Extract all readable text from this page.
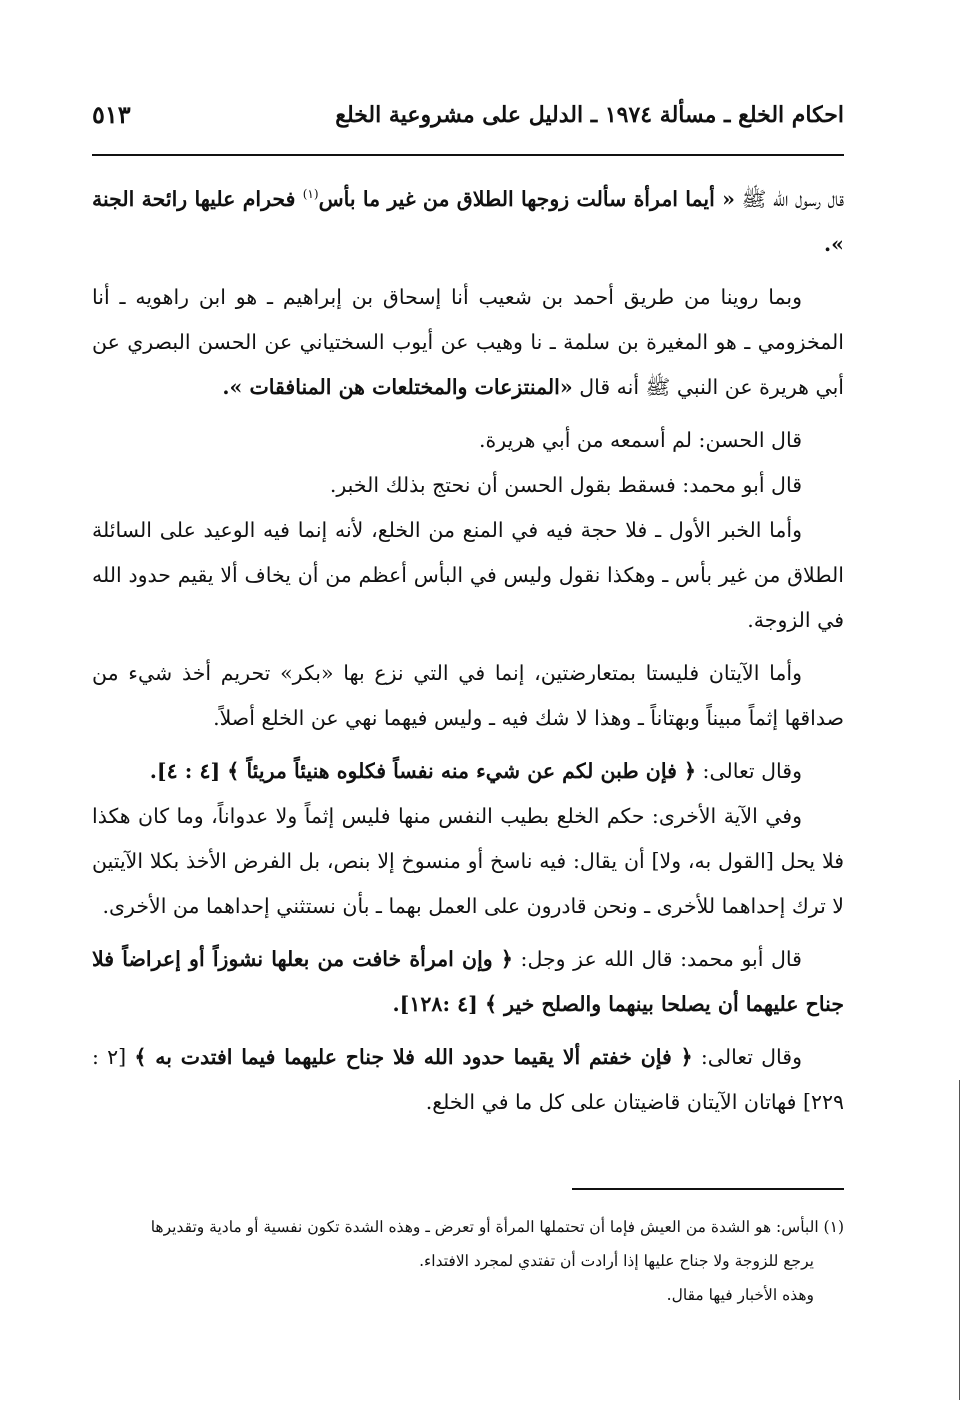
احكام الخلع ـ مسألة ١٩٧٤ ـ الدليل على مشروعية الخلع
٥١٣

قال رسول الله ﷺ « أيما امرأة سألت زوجها الطلاق من غير ما بأس$^{(١)}$ فحرام عليها رائحة الجنة ».

وبما روينا من طريق أحمد بن شعيب أنا إسحاق بن إبراهيم ـ هو ابن راهويه ـ أنا المخزومي ـ هو المغيرة بن سلمة ـ نا وهيب عن أيوب السختياني عن الحسن البصري عن أبي هريرة عن النبي ﷺ أنه قال «المنتزعات والمختلعات هن المنافقات ».

قال الحسن: لم أسمعه من أبي هريرة.

قال أبو محمد: فسقط بقول الحسن أن نحتج بذلك الخبر.

وأما الخبر الأول ـ فلا حجة فيه في المنع من الخلع، لأنه إنما فيه الوعيد على السائلة الطلاق من غير بأس ـ وهكذا نقول وليس في البأس أعظم من أن يخاف ألا يقيم حدود الله في الزوجة.

وأما الآيتان فليستا بمتعارضتين، إنما في التي نزع بها «بكر» تحريم أخذ شيء من صداقها إثماً مبيناً وبهتاناً ـ وهذا لا شك فيه ـ وليس فيهما نهي عن الخلع أصلاً.

وقال تعالى: ﴿ فإن طبن لكم عن شيء منه نفساً فكلوه هنيئاً مريئاً ﴾ [٤ : ٤].

وفي الآية الأخرى: حكم الخلع بطيب النفس منها فليس إثماً ولا عدواناً، وما كان هكذا فلا يحل [القول به، ولا] أن يقال: فيه ناسخ أو منسوخ إلا بنص، بل الفرض الأخذ بكلا الآيتين لا ترك إحداهما للأخرى ـ ونحن قادرون على العمل بهما ـ بأن نستثني إحداهما من الأخرى.

قال أبو محمد: قال الله عز وجل: ﴿ وإن امرأة خافت من بعلها نشوزاً أو إعراضاً فلا جناح عليهما أن يصلحا بينهما والصلح خير ﴾ [٤ :١٢٨].

وقال تعالى: ﴿ فإن خفتم ألا يقيما حدود الله فلا جناح عليهما فيما افتدت به ﴾ [٢ : ٢٢٩] فهاتان الآيتان قاضيتان على كل ما في الخلع.

(١) البأس: هو الشدة من العيش فإما أن تحتملها المرأة أو تعرض ـ وهذه الشدة تكون نفسية أو مادية وتقديرها

يرجع للزوجة ولا جناح عليها إذا أرادت أن تفتدي لمجرد الافتداء.

وهذه الأخبار فيها مقال.
